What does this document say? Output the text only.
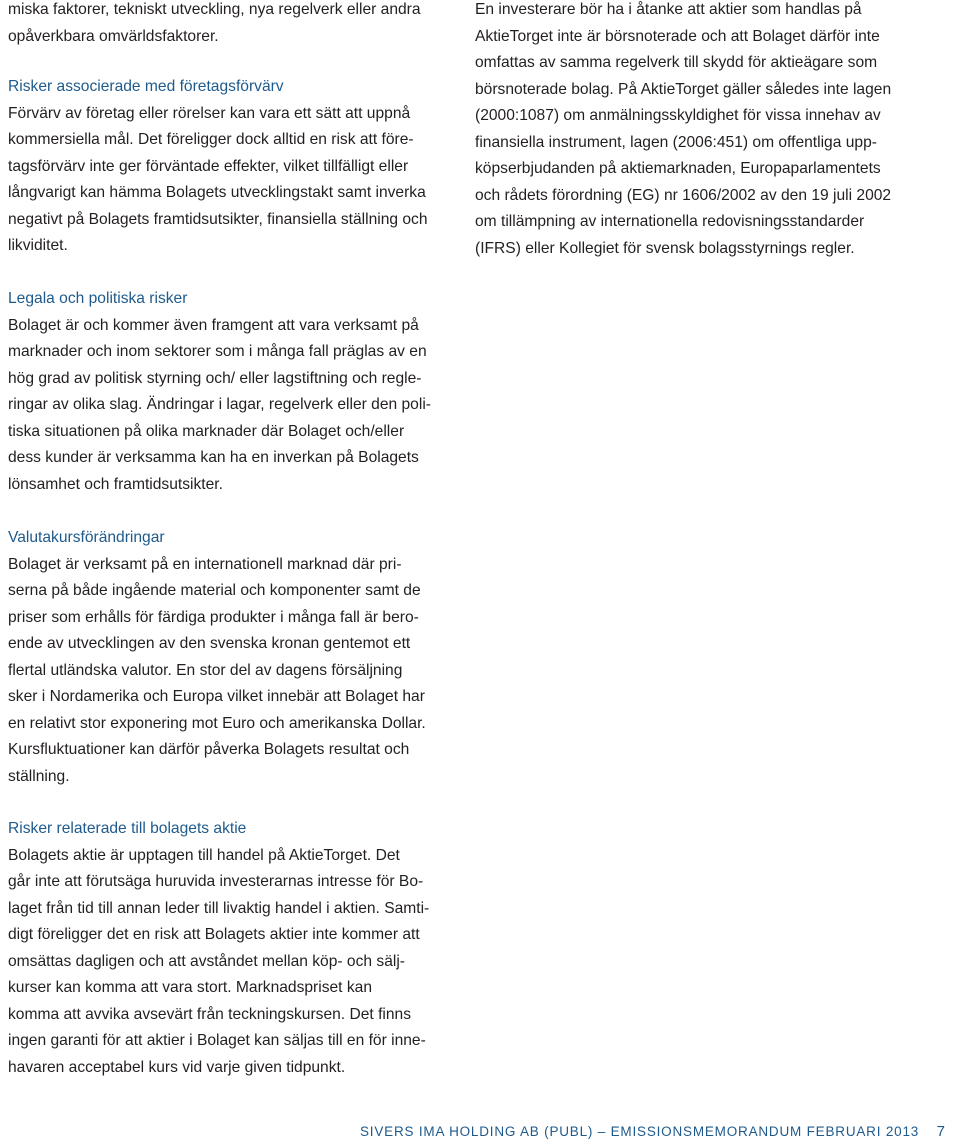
miska faktorer, tekniskt utveckling, nya regelverk eller andra
opåverkbara omvärldsfaktorer.
Risker associerade med företagsförvärv
Förvärv av företag eller rörelser kan vara ett sätt att uppnå
kommersiella mål. Det föreligger dock alltid en risk att före-
tagsförvärv inte ger förväntade effekter, vilket tillfälligt eller
långvarigt kan hämma Bolagets utvecklingstakt samt inverka
negativt på Bolagets framtidsutsikter, finansiella ställning och
likviditet.
Legala och politiska risker
Bolaget är och kommer även framgent att vara verksamt på
marknader och inom sektorer som i många fall präglas av en
hög grad av politisk styrning och/ eller lagstiftning och regle-
ringar av olika slag. Ändringar i lagar, regelverk eller den poli-
tiska situationen på olika marknader där Bolaget och/eller
dess kunder är verksamma kan ha en inverkan på Bolagets
lönsamhet och framtidsutsikter.
Valutakursförändringar
Bolaget är verksamt på en internationell marknad där pri-
serna på både ingående material och komponenter samt de
priser som erhålls för färdiga produkter i många fall är bero-
ende av utvecklingen av den svenska kronan gentemot ett
flertal utländska valutor. En stor del av dagens försäljning
sker i Nordamerika och Europa vilket innebär att Bolaget har
en relativt stor exponering mot Euro och amerikanska Dollar.
Kursfluktuationer kan därför påverka Bolagets resultat och
ställning.
Risker relaterade till bolagets aktie
Bolagets aktie är upptagen till handel på AktieTorget. Det
går inte att förutsäga huruvida investerarnas intresse för Bo-
laget från tid till annan leder till livaktig handel i aktien. Samti-
digt föreligger det en risk att Bolagets aktier inte kommer att
omsättas dagligen och att avståndet mellan köp- och sälj-
kurser kan komma att vara stort. Marknadspriset kan
komma att avvika avsevärt från teckningskursen. Det finns
ingen garanti för att aktier i Bolaget kan säljas till en för inne-
havaren acceptabel kurs vid varje given tidpunkt.
En investerare bör ha i åtanke att aktier som handlas på
AktieTorget inte är börsnoterade och att Bolaget därför inte
omfattas av samma regelverk till skydd för aktieägare som
börsnoterade bolag. På AktieTorget gäller således inte lagen
(2000:1087) om anmälningsskyldighet för vissa innehav av
finansiella instrument, lagen (2006:451) om offentliga upp-
köpserbjudanden på aktiemarknaden, Europaparlamentets
och rådets förordning (EG) nr 1606/2002 av den 19 juli 2002
om tillämpning av internationella redovisningsstandarder
(IFRS) eller Kollegiet för svensk bolagsstyrnings regler.
SIVERS IMA HOLDING AB (PUBL) – EMISSIONSMEMORANDUM FEBRUARI 2013 7
